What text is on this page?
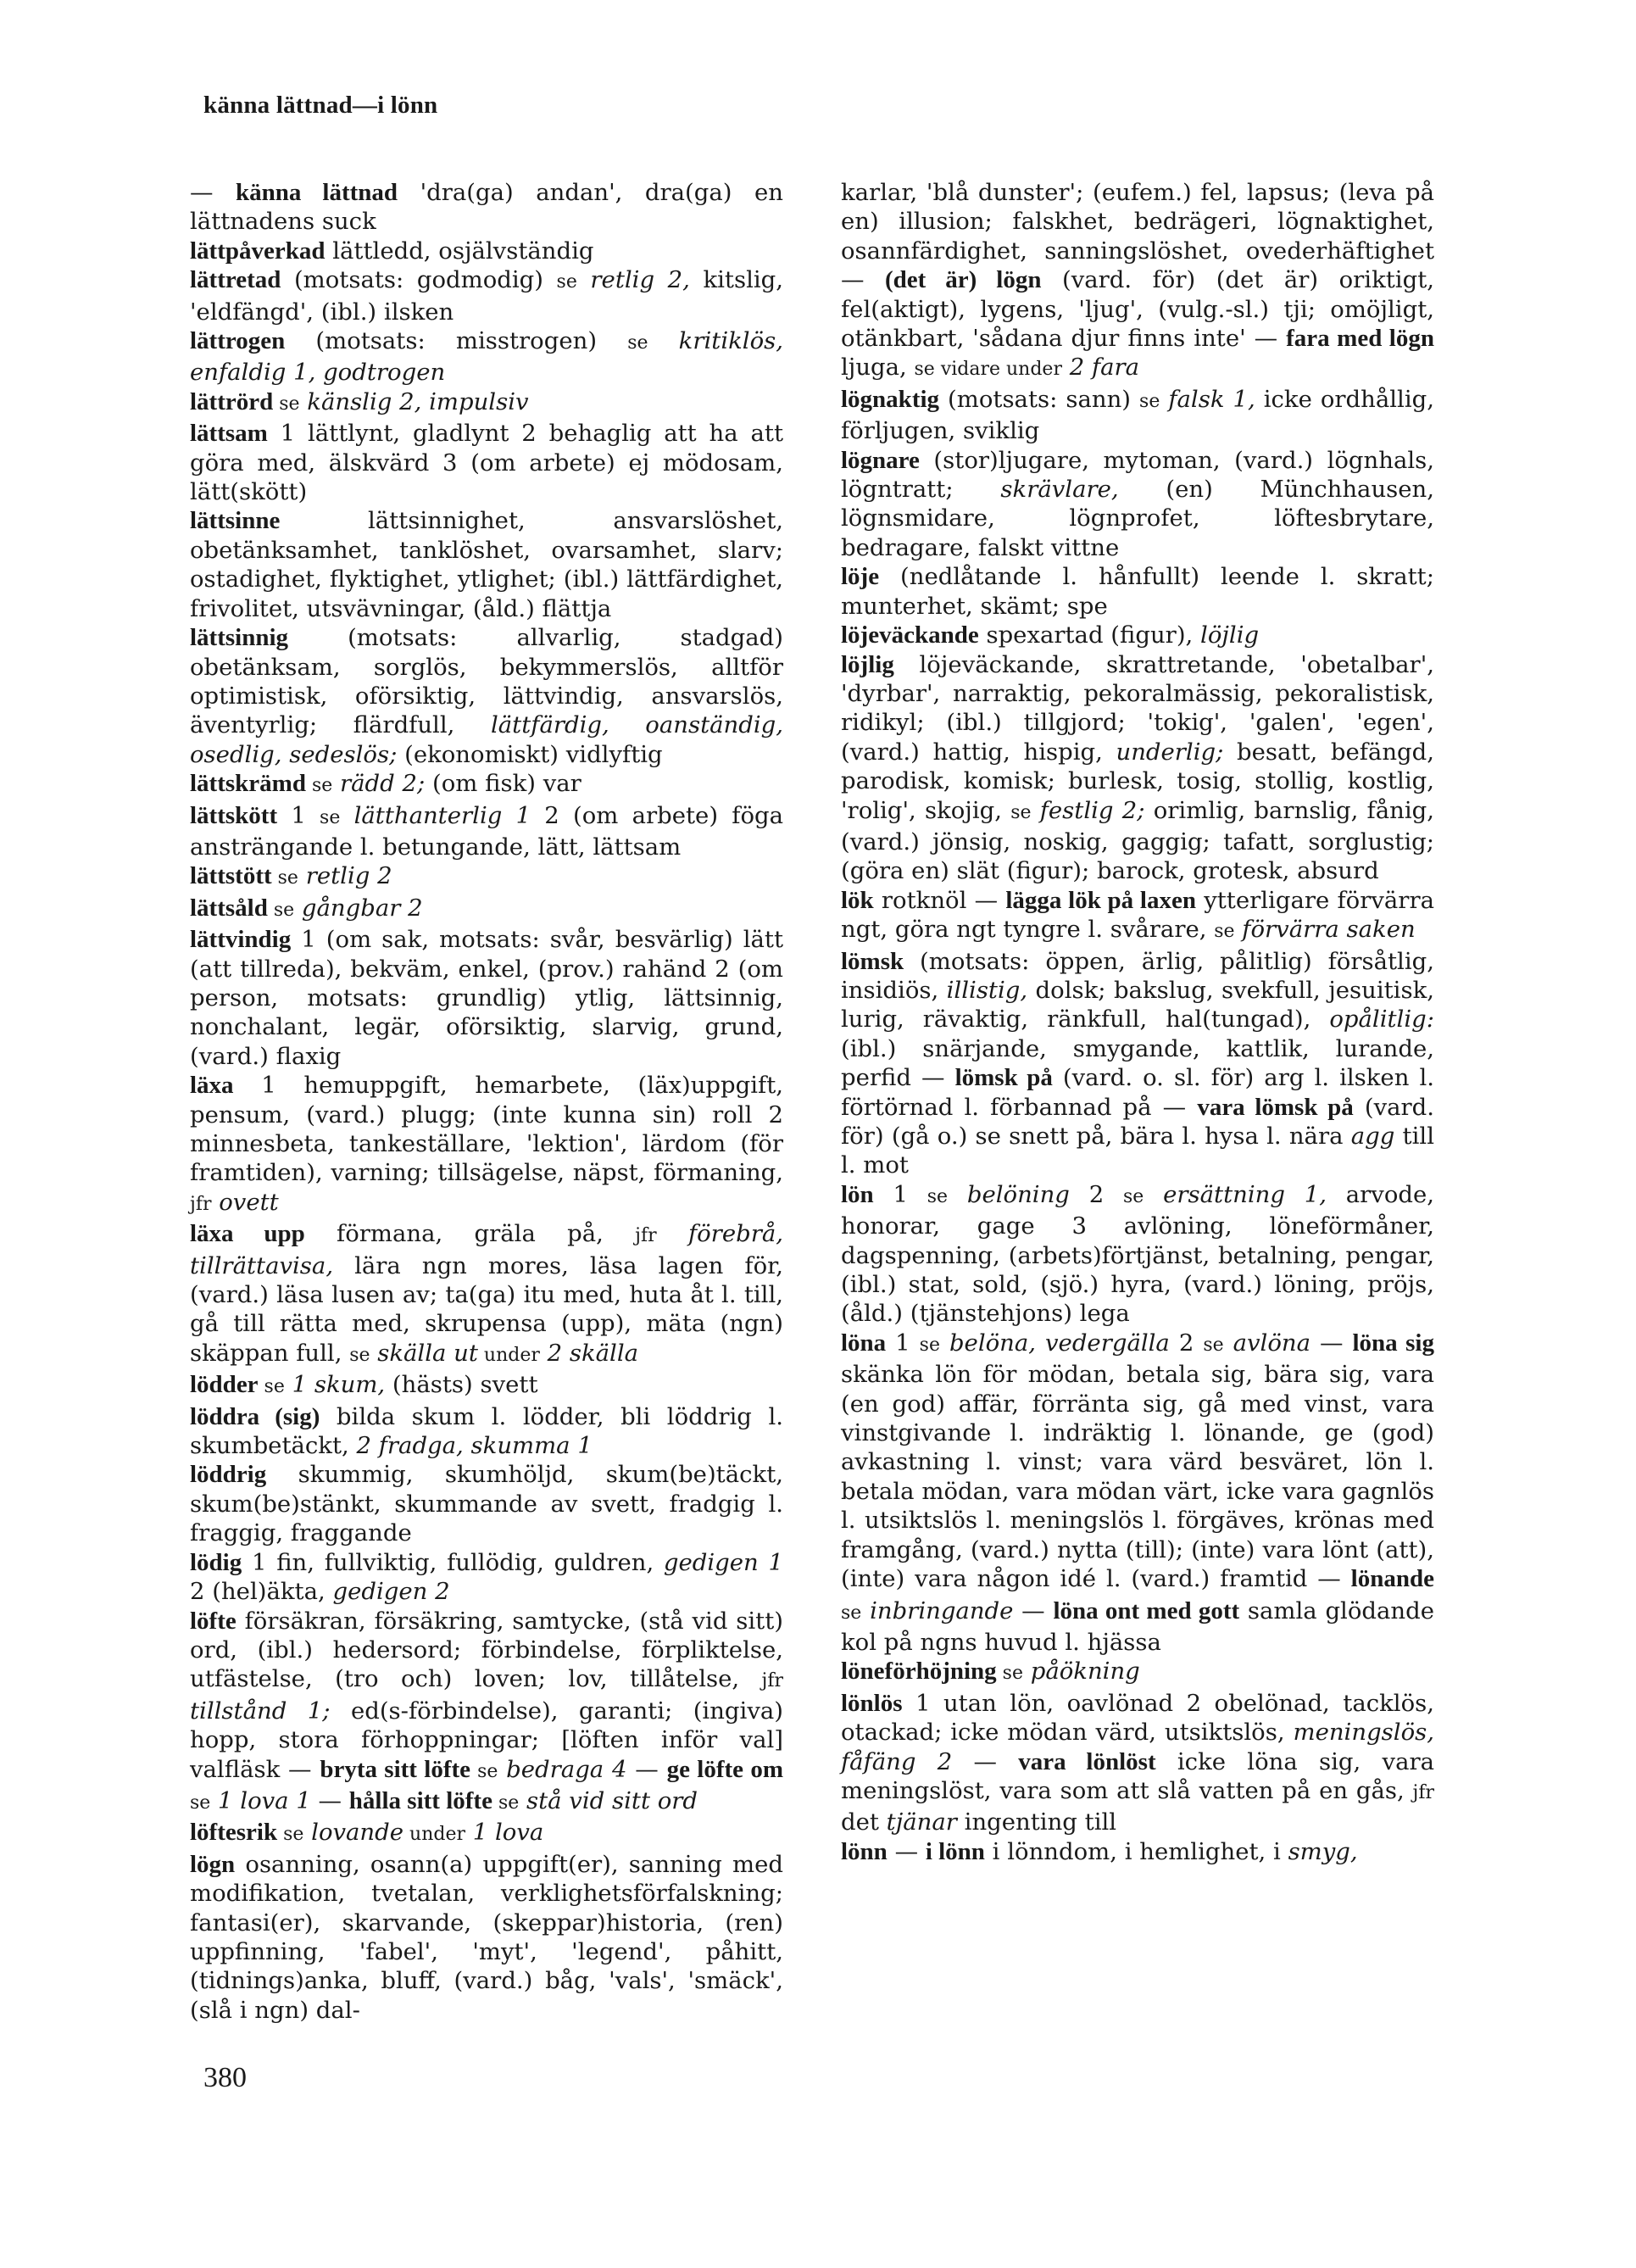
känna lättnad—i lönn

— känna lättnad 'dra(ga) andan', dra(ga) en lättnadens suck

lättpåverkad lättledd, osjälvständig

lättretad (motsats: godmodig) se retlig 2, kitslig, 'eldfängd', (ibl.) ilsken

lättrogen (motsats: misstrogen) se kritiklös, enfaldig 1, godtrogen

lättrörd se känslig 2, impulsiv

lättsam 1 lättlynt, gladlynt 2 behaglig att ha att göra med, älskvärd 3 (om arbete) ej mödosam, lätt(skött)

lättsinne lättsinnighet, ansvarslöshet, obetänksamhet, tanklöshet, ovarsamhet, slarv; ostadighet, flyktighet, ytlighet; (ibl.) lättfärdighet, frivolitet, utsvävningar, (åld.) flättja

lättsinnig (motsats: allvarlig, stadgad) obetänksam, sorglös, bekymmerslös, alltför optimistisk, oförsiktig, lättvindig, ansvarslös, äventyrlig; flärdfull, lättfärdig, oanständig, osedlig, sedeslös; (ekonomiskt) vidlyftig

lättskrämd se rädd 2; (om fisk) var

lättskött 1 se lätthanterlig 1 2 (om arbete) föga ansträngande l. betungande, lätt, lättsam

lättstött se retlig 2

lättsåld se gångbar 2

lättvindig 1 (om sak, motsats: svår, besvärlig) lätt (att tillreda), bekväm, enkel, (prov.) rahänd 2 (om person, motsats: grundlig) ytlig, lättsinnig, nonchalant, legär, oförsiktig, slarvig, grund, (vard.) flaxig

läxa 1 hemuppgift, hemarbete, (läx)uppgift, pensum, (vard.) plugg; (inte kunna sin) roll 2 minnesbeta, tankeställare, 'lektion', lärdom (för framtiden), varning; tillsägelse, näpst, förmaning, jfr ovett

läxa upp förmana, gräla på, jfr förebrå, tillrättavisa, lära ngn mores, läsa lagen för, (vard.) läsa lusen av; ta(ga) itu med, huta åt l. till, gå till rätta med, skrupensa (upp), mäta (ngn) skäppan full, se skälla ut under 2 skälla

lödder se 1 skum, (hästs) svett

löddra (sig) bilda skum l. lödder, bli löddrig l. skumbetäckt, 2 fradga, skumma 1

löddrig skummig, skumhöljd, skum(be)täckt, skum(be)stänkt, skummande av svett, fradgig l. fraggig, fraggande

lödig 1 fin, fullviktig, fullödig, guldren, gedigen 1 2 (hel)äkta, gedigen 2

löfte försäkran, försäkring, samtycke, (stå vid sitt) ord, (ibl.) hedersord; förbindelse, förpliktelse, utfästelse, (tro och) loven; lov, tillåtelse, jfr tillstånd 1; ed(s-förbindelse), garanti; (ingiva) hopp, stora förhoppningar; [löften inför val] valfläsk — bryta sitt löfte se bedraga 4 — ge löfte om se 1 lova 1 — hålla sitt löfte se stå vid sitt ord

löftesrik se lovande under 1 lova

lögn osanning, osann(a) uppgift(er), sanning med modifikation, tvetalan, verklighetsförfalskning; fantasi(er), skarvande, (skeppar)historia, (ren) uppfinning, 'fabel', 'myt', 'legend', påhitt, (tidnings)anka, bluff, (vard.) båg, 'vals', 'smäck', (slå i ngn) dal-

karlar, 'blå dunster'; (eufem.) fel, lapsus; (leva på en) illusion; falskhet, bedrägeri, lögnaktighet, osannfärdighet, sanningslöshet, ovederhäftighet — (det är) lögn (vard. för) (det är) oriktigt, fel(aktigt), lygens, 'ljug', (vulg.-sl.) tji; omöjligt, otänkbart, 'sådana djur finns inte' — fara med lögn ljuga, se vidare under 2 fara

lögnaktig (motsats: sann) se falsk 1, icke ordhållig, förljugen, sviklig

lögnare (stor)ljugare, mytoman, (vard.) lögnhals, lögntratt; skrävlare, (en) Münchhausen, lögnsmidare, lögnprofet, löftesbrytare, bedragare, falskt vittne

löje (nedlåtande l. hånfullt) leende l. skratt; munterhet, skämt; spe

löjeväckande spexartad (figur), löjlig

löjlig löjeväckande, skrattretande, 'obetalbar', 'dyrbar', narraktig, pekoralmässig, pekoralistisk, ridikyl; (ibl.) tillgjord; 'tokig', 'galen', 'egen', (vard.) hattig, hispig, underlig; besatt, befängd, parodisk, komisk; burlesk, tosig, stollig, kostlig, 'rolig', skojig, se festlig 2; orimlig, barnslig, fånig, (vard.) jönsig, noskig, gaggig; tafatt, sorglustig; (göra en) slät (figur); barock, grotesk, absurd

lök rotknöl — lägga lök på laxen ytterligare förvärra ngt, göra ngt tyngre l. svårare, se förvärra saken

lömsk (motsats: öppen, ärlig, pålitlig) försåtlig, insidiös, illistig, dolsk; bakslug, svekfull, jesuitisk, lurig, rävaktig, ränkfull, hal(tungad), opålitlig: (ibl.) snärjande, smygande, kattlik, lurande, perfid — lömsk på (vard. o. sl. för) arg l. ilsken l. förtörnad l. förbannad på — vara lömsk på (vard. för) (gå o.) se snett på, bära l. hysa l. nära agg till l. mot

lön 1 se belöning 2 se ersättning 1, arvode, honorar, gage 3 avlöning, löneförmåner, dagspenning, (arbets)förtjänst, betalning, pengar, (ibl.) stat, sold, (sjö.) hyra, (vard.) löning, pröjs, (åld.) (tjänstehjons) lega

löna 1 se belöna, vedergälla 2 se avlöna — löna sig skänka lön för mödan, betala sig, bära sig, vara (en god) affär, förränta sig, gå med vinst, vara vinstgivande l. indräktig l. lönande, ge (god) avkastning l. vinst; vara värd besväret, lön l. betala mödan, vara mödan värt, icke vara gagnlös l. utsiktslös l. meningslös l. förgäves, krönas med framgång, (vard.) nytta (till); (inte) vara lönt (att), (inte) vara någon idé l. (vard.) framtid — lönande se inbringande — löna ont med gott samla glödande kol på ngns huvud l. hjässa

löneförhöjning se påökning

lönlös 1 utan lön, oavlönad 2 obelönad, tacklös, otackad; icke mödan värd, utsiktslös, meningslös, fåfäng 2 — vara lönlöst icke löna sig, vara meningslöst, vara som att slå vatten på en gås, jfr det tjänar ingenting till

lönn — i lönn i lönndom, i hemlighet, i smyg,

380
